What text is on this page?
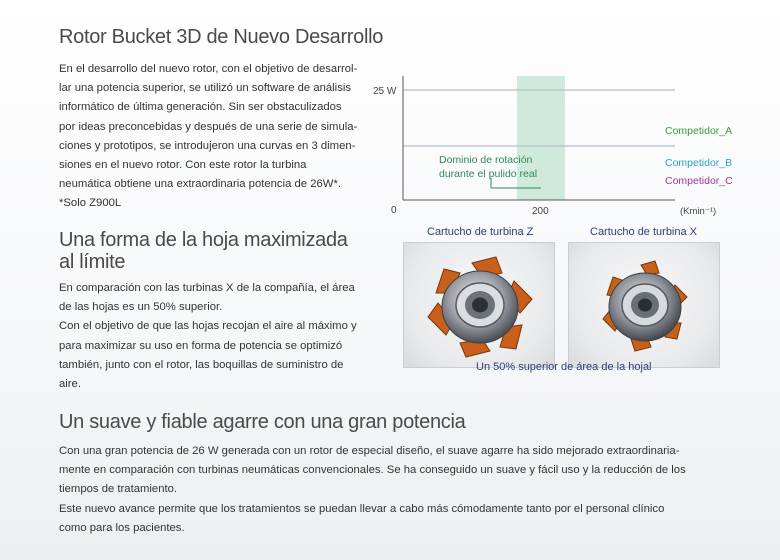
Rotor Bucket 3D de Nuevo Desarrollo
En el desarrollo del nuevo rotor, con el objetivo de desarrol-
lar una potencia superior, se utilizó un software de análisis
informático de última generación. Sin ser obstaculizados
por ideas preconcebidas y después de una serie de simula-
ciones y prototipos, se introdujeron una curvas en 3 dimen-
siones en el nuevo rotor. Con este rotor la turbina
neumática obtiene una extraordinaria potencia de 26W*.
*Solo Z900L
Una forma de la hoja maximizada
al límite
En comparación con las turbinas X de la compañía, el área
de las hojas es un 50% superior.
Con el objetivo de que las hojas recojan el aire al máximo y
para maximizar su uso en forma de potencia se optimizó
también, junto con el rotor, las boquillas de suministro de
aire.
25 W
0	200	(Kmin⁻¹)
Dominio de rotación
durante el pulido real
Competidor_A
Competidor_B
Competidor_C
Cartucho de turbina Z	Cartucho de turbina X
Un 50% superior de área de la hojal
Un suave y fiable agarre con una gran potencia
Con una gran potencia de 26 W generada con un rotor de especial diseño, el suave agarre ha sido mejorado extraordinaria-
mente en comparación con turbinas neumáticas convencionales. Se ha conseguido un suave y fácil uso y la reducción de los
tiempos de tratamiento.
Este nuevo avance permite que los tratamientos se puedan llevar a cabo más cómodamente tanto por el personal clínico
como para los pacientes.
